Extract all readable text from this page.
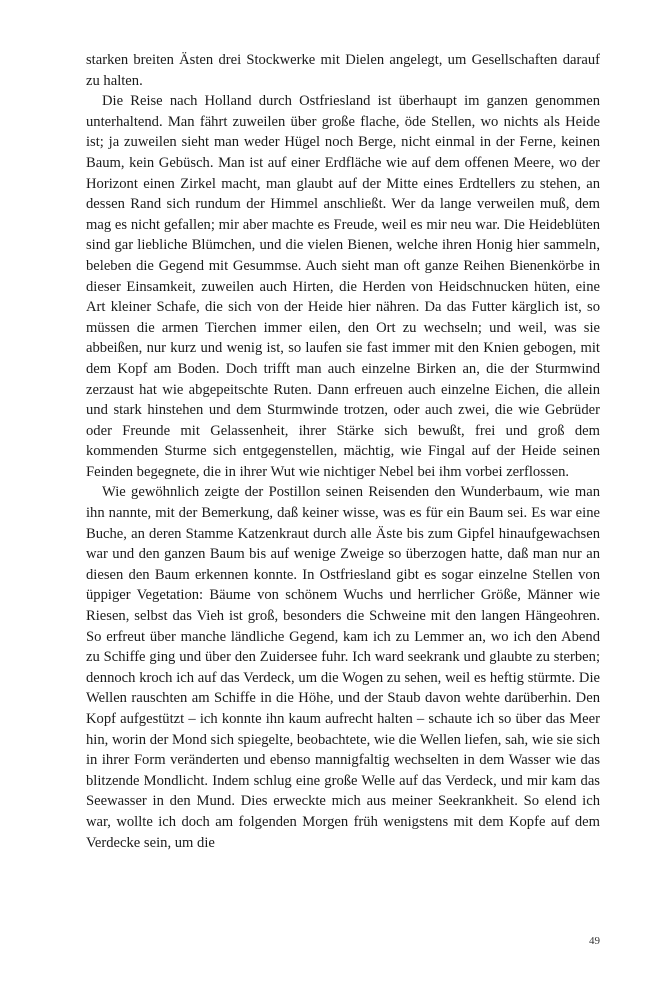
starken breiten Ästen drei Stockwerke mit Dielen angelegt, um Gesellschaften darauf zu halten.

Die Reise nach Holland durch Ostfriesland ist überhaupt im ganzen genommen unterhaltend. Man fährt zuweilen über große flache, öde Stellen, wo nichts als Heide ist; ja zuweilen sieht man weder Hügel noch Berge, nicht einmal in der Ferne, keinen Baum, kein Gebüsch. Man ist auf einer Erdfläche wie auf dem offenen Meere, wo der Horizont einen Zirkel macht, man glaubt auf der Mitte eines Erdtellers zu stehen, an dessen Rand sich rundum der Himmel anschließt. Wer da lange verweilen muß, dem mag es nicht gefallen; mir aber machte es Freude, weil es mir neu war. Die Heideblüten sind gar liebliche Blümchen, und die vielen Bienen, welche ihren Honig hier sammeln, beleben die Gegend mit Gesummse. Auch sieht man oft ganze Reihen Bienenkörbe in dieser Einsamkeit, zuweilen auch Hirten, die Herden von Heidschnucken hüten, eine Art kleiner Schafe, die sich von der Heide hier nähren. Da das Futter kärglich ist, so müssen die armen Tierchen immer eilen, den Ort zu wechseln; und weil, was sie abbeißen, nur kurz und wenig ist, so laufen sie fast immer mit den Knien gebogen, mit dem Kopf am Boden. Doch trifft man auch einzelne Birken an, die der Sturmwind zerzaust hat wie abgepeitschte Ruten. Dann erfreuen auch einzelne Eichen, die allein und stark hinstehen und dem Sturmwinde trotzen, oder auch zwei, die wie Gebrüder oder Freunde mit Gelassenheit, ihrer Stärke sich bewußt, frei und groß dem kommenden Sturme sich entgegenstellen, mächtig, wie Fingal auf der Heide seinen Feinden begegnete, die in ihrer Wut wie nichtiger Nebel bei ihm vorbei zerflossen.

Wie gewöhnlich zeigte der Postillon seinen Reisenden den Wunderbaum, wie man ihn nannte, mit der Bemerkung, daß keiner wisse, was es für ein Baum sei. Es war eine Buche, an deren Stamme Katzenkraut durch alle Äste bis zum Gipfel hinaufgewachsen war und den ganzen Baum bis auf wenige Zweige so überzogen hatte, daß man nur an diesen den Baum erkennen konnte. In Ostfriesland gibt es sogar einzelne Stellen von üppiger Vegetation: Bäume von schönem Wuchs und herrlicher Größe, Männer wie Riesen, selbst das Vieh ist groß, besonders die Schweine mit den langen Hängeohren. So erfreut über manche ländliche Gegend, kam ich zu Lemmer an, wo ich den Abend zu Schiffe ging und über den Zuidersee fuhr. Ich ward seekrank und glaubte zu sterben; dennoch kroch ich auf das Verdeck, um die Wogen zu sehen, weil es heftig stürmte. Die Wellen rauschten am Schiffe in die Höhe, und der Staub davon wehte darüberhin. Den Kopf aufgestützt – ich konnte ihn kaum aufrecht halten – schaute ich so über das Meer hin, worin der Mond sich spiegelte, beobachtete, wie die Wellen liefen, sah, wie sie sich in ihrer Form veränderten und ebenso mannigfaltig wechselten in dem Wasser wie das blitzende Mondlicht. Indem schlug eine große Welle auf das Verdeck, und mir kam das Seewasser in den Mund. Dies erweckte mich aus meiner Seekrankheit. So elend ich war, wollte ich doch am folgenden Morgen früh wenigstens mit dem Kopfe auf dem Verdecke sein, um die

49
